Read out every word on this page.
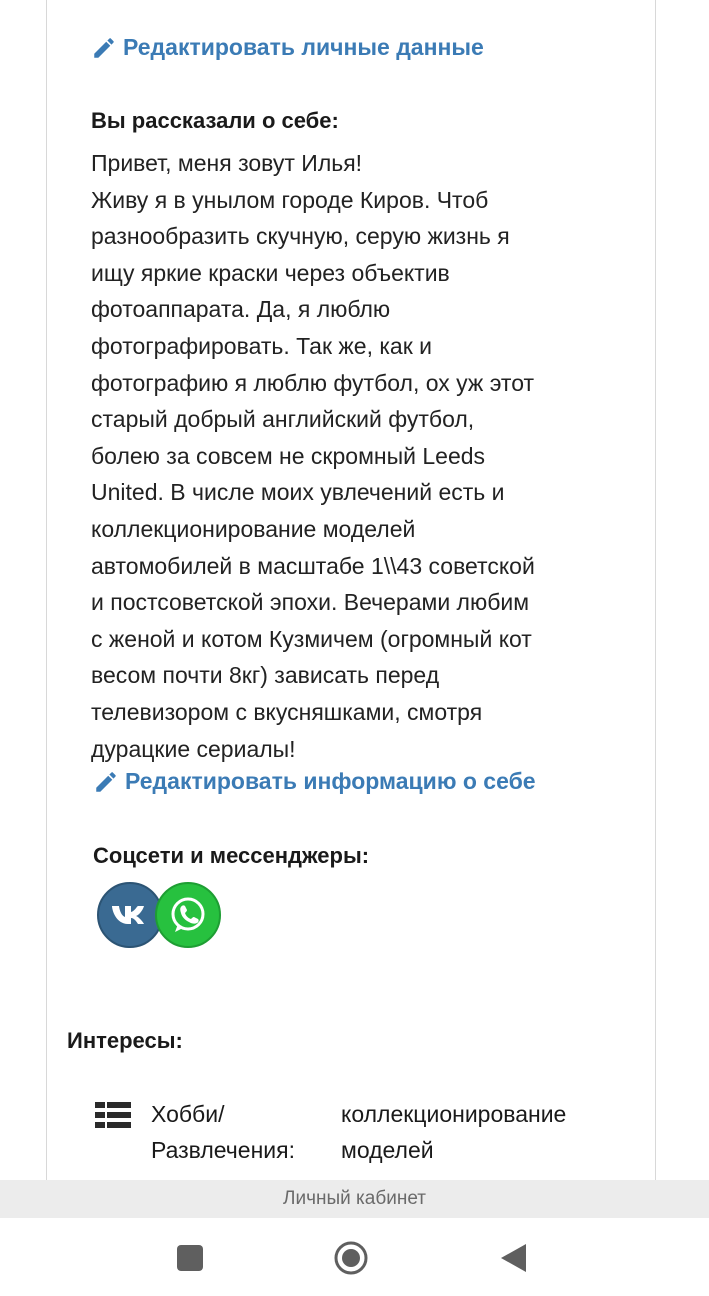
Редактировать личные данные
Вы рассказали о себе:
Привет, меня зовут Илья!
Живу я в унылом городе Киров. Чтоб
разнообразить скучную, серую жизнь я
ищу яркие краски через объектив
фотоаппарата. Да, я люблю
фотографировать. Так же, как и
фотографию я люблю футбол, ох уж этот
старый добрый английский футбол,
болею за совсем не скромный Leeds
United. В числе моих увлечений есть и
коллекционирование моделей
автомобилей в масштабе 1\\43 советской
и постсоветской эпохи. Вечерами любим
с женой и котом Кузмичем (огромный кот
весом почти 8кг) зависать перед
телевизором с вкусняшками, смотря
дурацкие сериалы!
Редактировать информацию о себе
Соцсети и мессенджеры:
Интересы:
Хобби/
Развлечения:
коллекционирование
моделей
Личный кабинет
